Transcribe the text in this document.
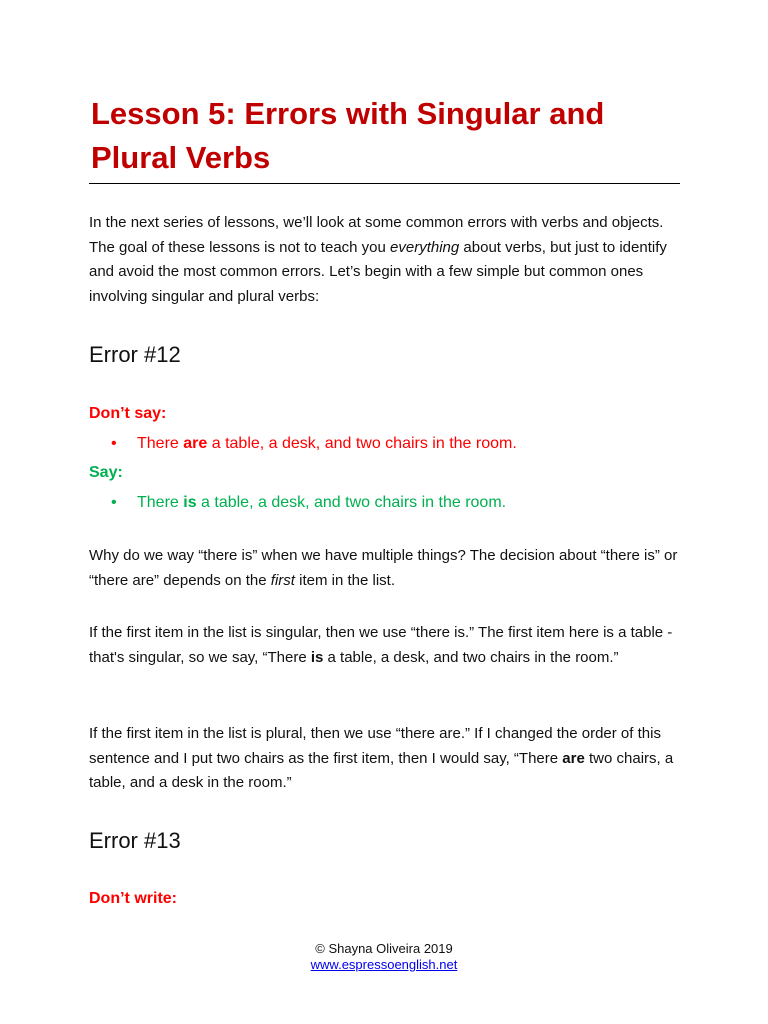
Lesson 5: Errors with Singular and Plural Verbs

In the next series of lessons, we’ll look at some common errors with verbs and objects. The goal of these lessons is not to teach you everything about verbs, but just to identify and avoid the most common errors. Let’s begin with a few simple but common ones involving singular and plural verbs:

Error #12
Don’t say:
• There are a table, a desk, and two chairs in the room.
Say:
• There is a table, a desk, and two chairs in the room.

Why do we way “there is” when we have multiple things? The decision about “there is” or “there are” depends on the first item in the list.

If the first item in the list is singular, then we use “there is.” The first item here is a table - that's singular, so we say, “There is a table, a desk, and two chairs in the room.”

If the first item in the list is plural, then we use “there are.” If I changed the order of this sentence and I put two chairs as the first item, then I would say, “There are two chairs, a table, and a desk in the room.”

Error #13
Don’t write:
© Shayna Oliveira 2019
www.espressoenglish.net
